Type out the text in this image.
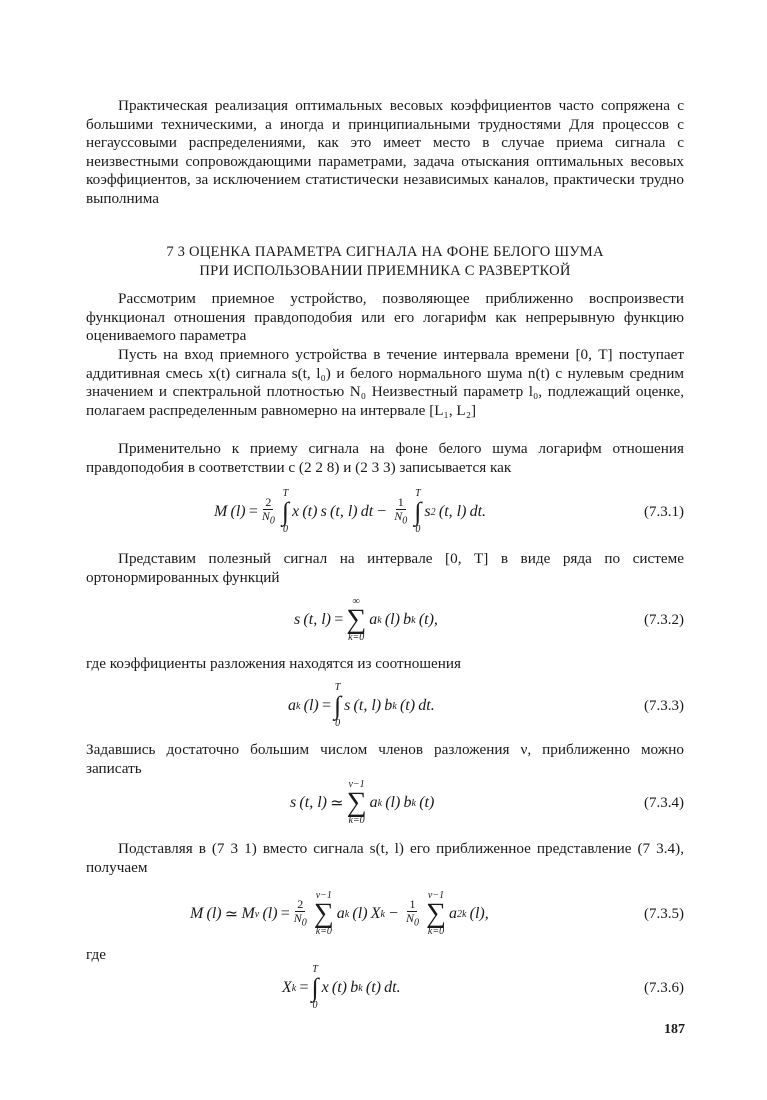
Практическая реализация оптимальных весовых коэффициентов часто сопряжена с большими техническими, а иногда и принципиальными трудностями Для процессов с негауссовыми распределениями, как это имеет место в случае приема сигнала с неизвестными сопровождающими параметрами, задача отыскания оптимальных весовых коэффициентов, за исключением статистически независимых каналов, практически трудно выполнима

7 3 ОЦЕНКА ПАРАМЕТРА СИГНАЛА НА ФОНЕ БЕЛОГО ШУМА
ПРИ ИСПОЛЬЗОВАНИИ ПРИЕМНИКА С РАЗВЕРТКОЙ

Рассмотрим приемное устройство, позволяющее приближенно воспроизвести функционал отношения правдоподобия или его логарифм как непрерывную функцию оцениваемого параметра

Пусть на вход приемного устройства в течение интервала времени [0, T] поступает аддитивная смесь x(t) сигнала s(t, l₀) и белого нормального шума n(t) с нулевым средним значением и спектральной плотностью N₀ Неизвестный параметр l₀, подлежащий оценке, полагаем распределенным равномерно на интервале [L₁, L₂]

Применительно к приему сигнала на фоне белого шума логарифм отношения правдоподобия в соответствии с (2 2 8) и (2 3 3) записывается как

M $(l) = \frac{2}{N_0}$
T
∫
0
x (t) s (t, l) dt − $\frac{1}{N_0}$
T
∫
0
s 2  (t, l) dt.	(7.3.1)

Представим полезный сигнал на интервале [0, T] в виде ряда по системе ортонормированных функций

s (t, l)  =
∞
∑
k=0
a k  (l) b k  (t),	(7.3.2)

где коэффициенты разложения находятся из соотношения

a k  (l)  =
T
∫
0
s (t, l) b k  (t) dt.	(7.3.3)

Задавшись достаточно большим числом членов разложения ν, приближенно можно записать

s (t, l)  ≃
ν−1
∑
k=0
a k  (l) b k  (t)	(7.3.4)

Подставляя в (7 3 1) вместо сигнала s(t, l) его приближенное представление (7 3.4), получаем

M (l)  ≃  M ν  $(l) = \frac{2}{N_0}$
ν−1
∑
k=0
a k  (l) X $k - \frac{1}{N_0}$
ν−1
∑
k=0
a 2 k  (l),	(7.3.5)

где

X k
  =
T
∫
0
x (t) b k  (t) dt.	(7.3.6)
187
